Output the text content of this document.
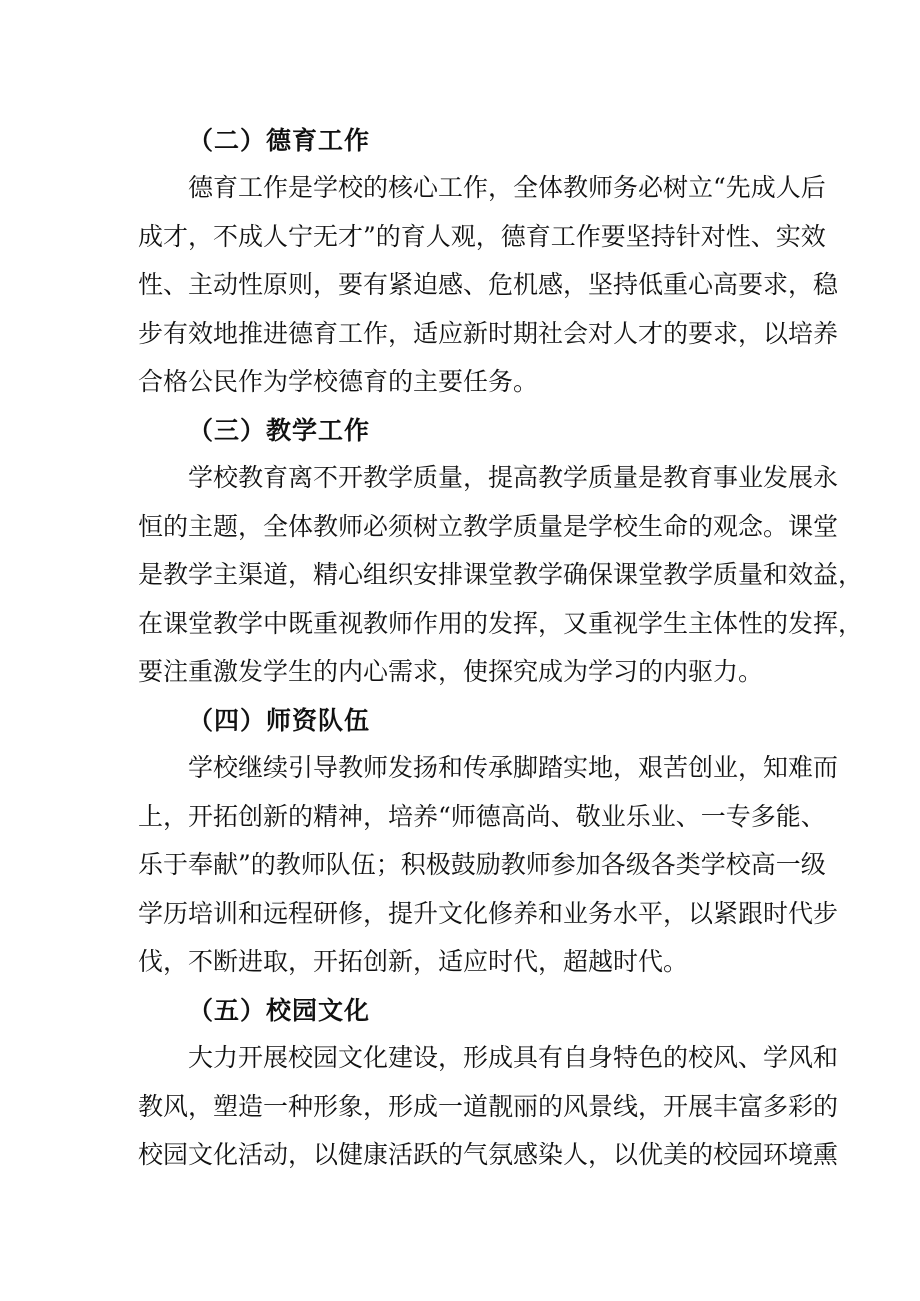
（二）德育工作

德育工作是学校的核心工作，全体教师务必树立“先成人后
成才，不成人宁无才”的育人观，德育工作要坚持针对性、实效
性、主动性原则，要有紧迫感、危机感，坚持低重心高要求，稳
步有效地推进德育工作，适应新时期社会对人才的要求，以培养
合格公民作为学校德育的主要任务。

（三）教学工作

学校教育离不开教学质量，提高教学质量是教育事业发展永
恒的主题，全体教师必须树立教学质量是学校生命的观念。课堂
是教学主渠道，精心组织安排课堂教学确保课堂教学质量和效益，
在课堂教学中既重视教师作用的发挥，又重视学生主体性的发挥，
要注重激发学生的内心需求，使探究成为学习的内驱力。

（四）师资队伍

学校继续引导教师发扬和传承脚踏实地，艰苦创业，知难而
上，开拓创新的精神，培养“师德高尚、敬业乐业、一专多能、
乐于奉献”的教师队伍；积极鼓励教师参加各级各类学校高一级
学历培训和远程研修，提升文化修养和业务水平，以紧跟时代步
伐，不断进取，开拓创新，适应时代，超越时代。

（五）校园文化

大力开展校园文化建设，形成具有自身特色的校风、学风和
教风，塑造一种形象，形成一道靓丽的风景线，开展丰富多彩的
校园文化活动，以健康活跃的气氛感染人，以优美的校园环境熏
